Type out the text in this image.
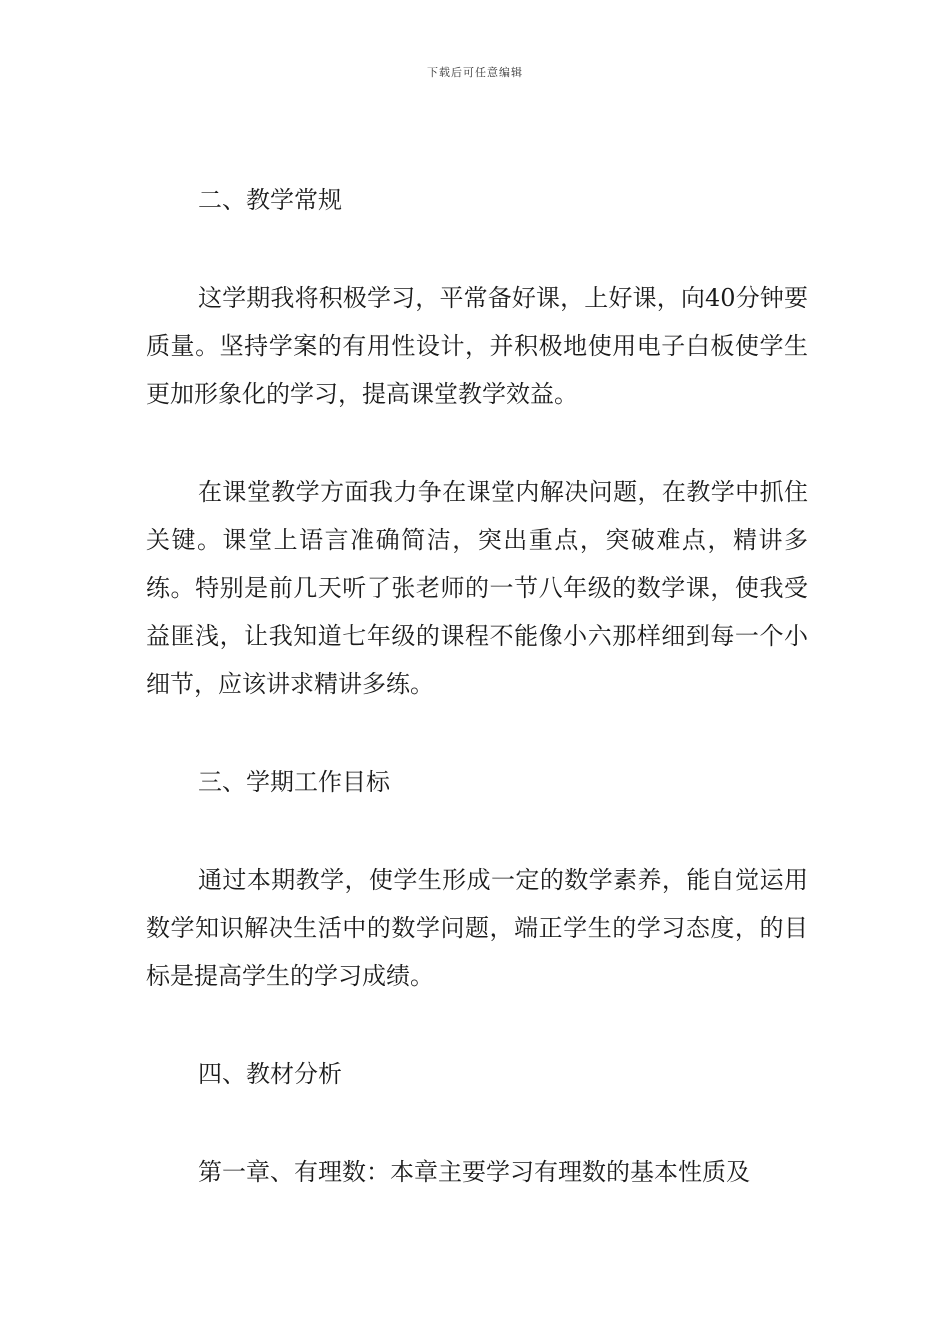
下载后可任意编辑
二、教学常规

这学期我将积极学习，平常备好课，上好课，向40分钟要质量。坚持学案的有用性设计，并积极地使用电子白板使学生更加形象化的学习，提高课堂教学效益。

在课堂教学方面我力争在课堂内解决问题，在教学中抓住关键。课堂上语言准确简洁，突出重点，突破难点，精讲多练。特别是前几天听了张老师的一节八年级的数学课，使我受益匪浅，让我知道七年级的课程不能像小六那样细到每一个小细节，应该讲求精讲多练。

三、学期工作目标

通过本期教学，使学生形成一定的数学素养，能自觉运用数学知识解决生活中的数学问题，端正学生的学习态度，的目标是提高学生的学习成绩。

四、教材分析

第一章、有理数：本章主要学习有理数的基本性质及
